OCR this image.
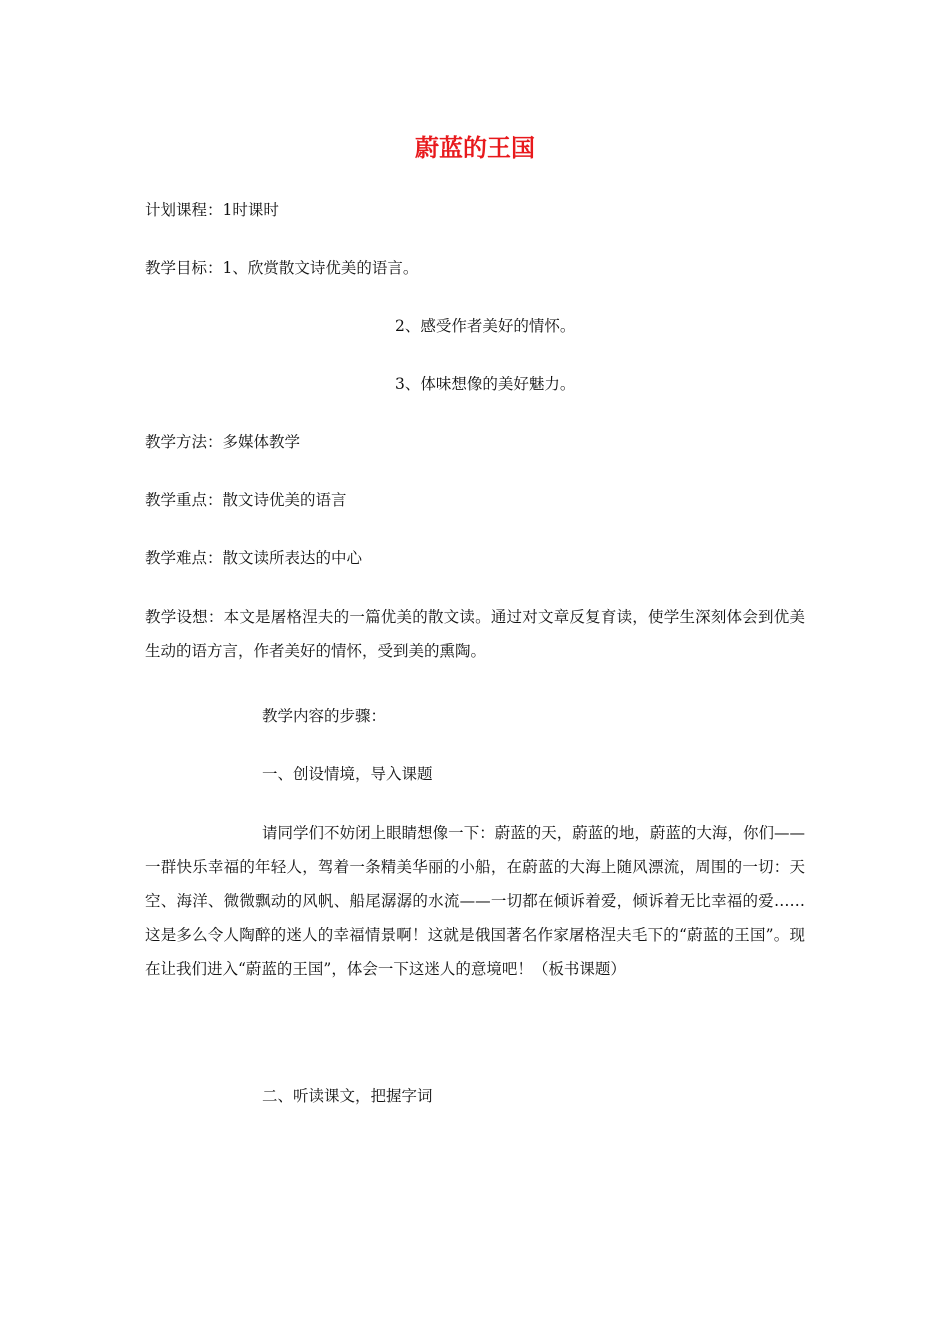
蔚蓝的王国
计划课程：1时课时
教学目标：1、欣赏散文诗优美的语言。
2、感受作者美好的情怀。
3、体味想像的美好魅力。
教学方法：多媒体教学
教学重点：散文诗优美的语言
教学难点：散文读所表达的中心
教学设想：本文是屠格涅夫的一篇优美的散文读。通过对文章反复育读，使学生深刻体会到优美生动的语方言，作者美好的情怀，受到美的熏陶。
教学内容的步骤：
一、创设情境，导入课题
请同学们不妨闭上眼睛想像一下：蔚蓝的天，蔚蓝的地，蔚蓝的大海，你们——一群快乐幸福的年轻人，驾着一条精美华丽的小船，在蔚蓝的大海上随风漂流，周围的一切：天空、海洋、微微飘动的风帆、船尾潺潺的水流——一切都在倾诉着爱，倾诉着无比幸福的爱……这是多么令人陶醉的迷人的幸福情景啊！这就是俄国著名作家屠格涅夫毛下的“蔚蓝的王国”。现在让我们进入“蔚蓝的王国”，体会一下这迷人的意境吧！（板书课题）
二、听读课文，把握字词
